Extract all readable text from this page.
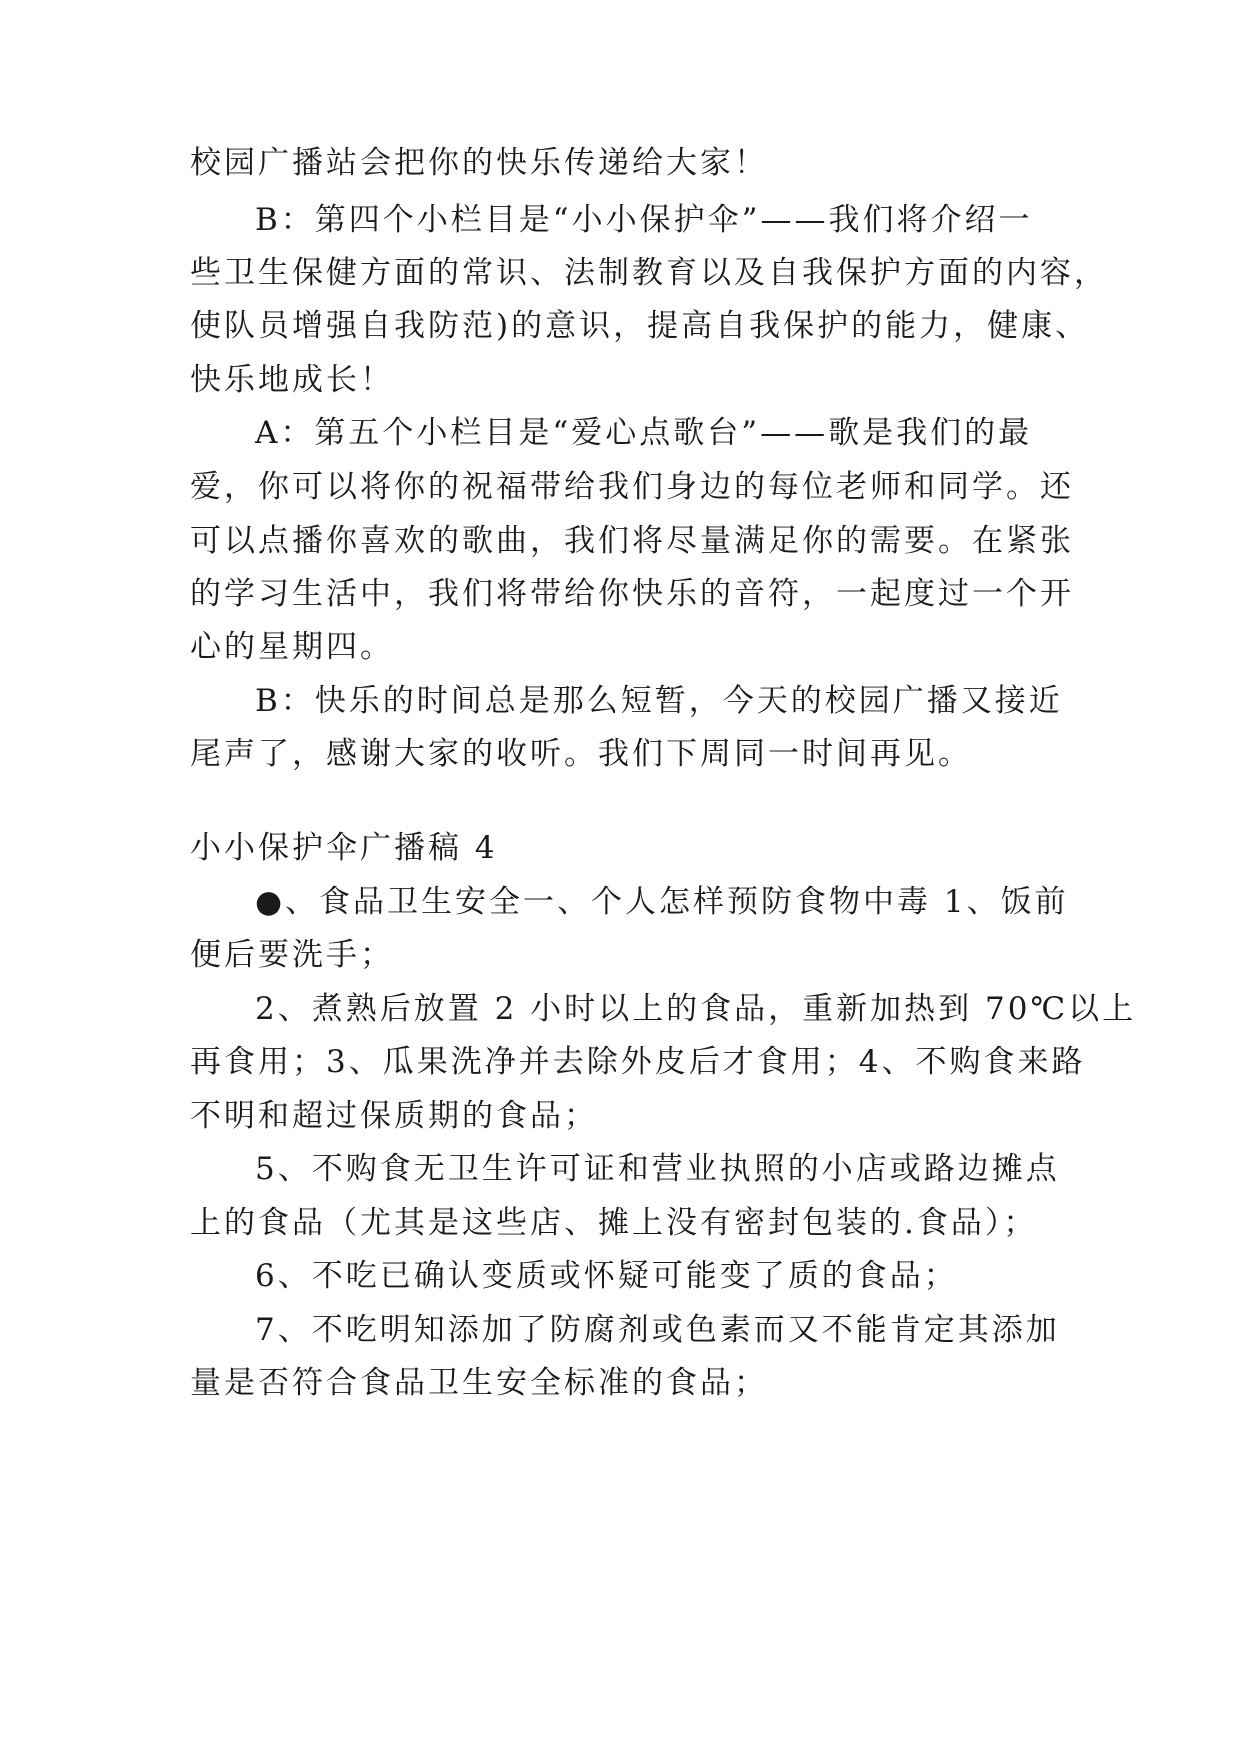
校园广播站会把你的快乐传递给大家！
B：第四个小栏目是“小小保护伞”——我们将介绍一
些卫生保健方面的常识、法制教育以及自我保护方面的内容，
使队员增强自我防范)的意识，提高自我保护的能力，健康、
快乐地成长！
A：第五个小栏目是“爱心点歌台”——歌是我们的最
爱，你可以将你的祝福带给我们身边的每位老师和同学。还
可以点播你喜欢的歌曲，我们将尽量满足你的需要。在紧张
的学习生活中，我们将带给你快乐的音符，一起度过一个开
心的星期四。
B：快乐的时间总是那么短暂，今天的校园广播又接近
尾声了，感谢大家的收听。我们下周同一时间再见。
小小保护伞广播稿 4
●、食品卫生安全一、个人怎样预防食物中毒 1、饭前
便后要洗手；
2、煮熟后放置 2 小时以上的食品，重新加热到 70℃以上
再食用；3、瓜果洗净并去除外皮后才食用；4、不购食来路
不明和超过保质期的食品；
5、不购食无卫生许可证和营业执照的小店或路边摊点
上的食品（尤其是这些店、摊上没有密封包装的.食品）；
6、不吃已确认变质或怀疑可能变了质的食品；
7、不吃明知添加了防腐剂或色素而又不能肯定其添加
量是否符合食品卫生安全标准的食品；
